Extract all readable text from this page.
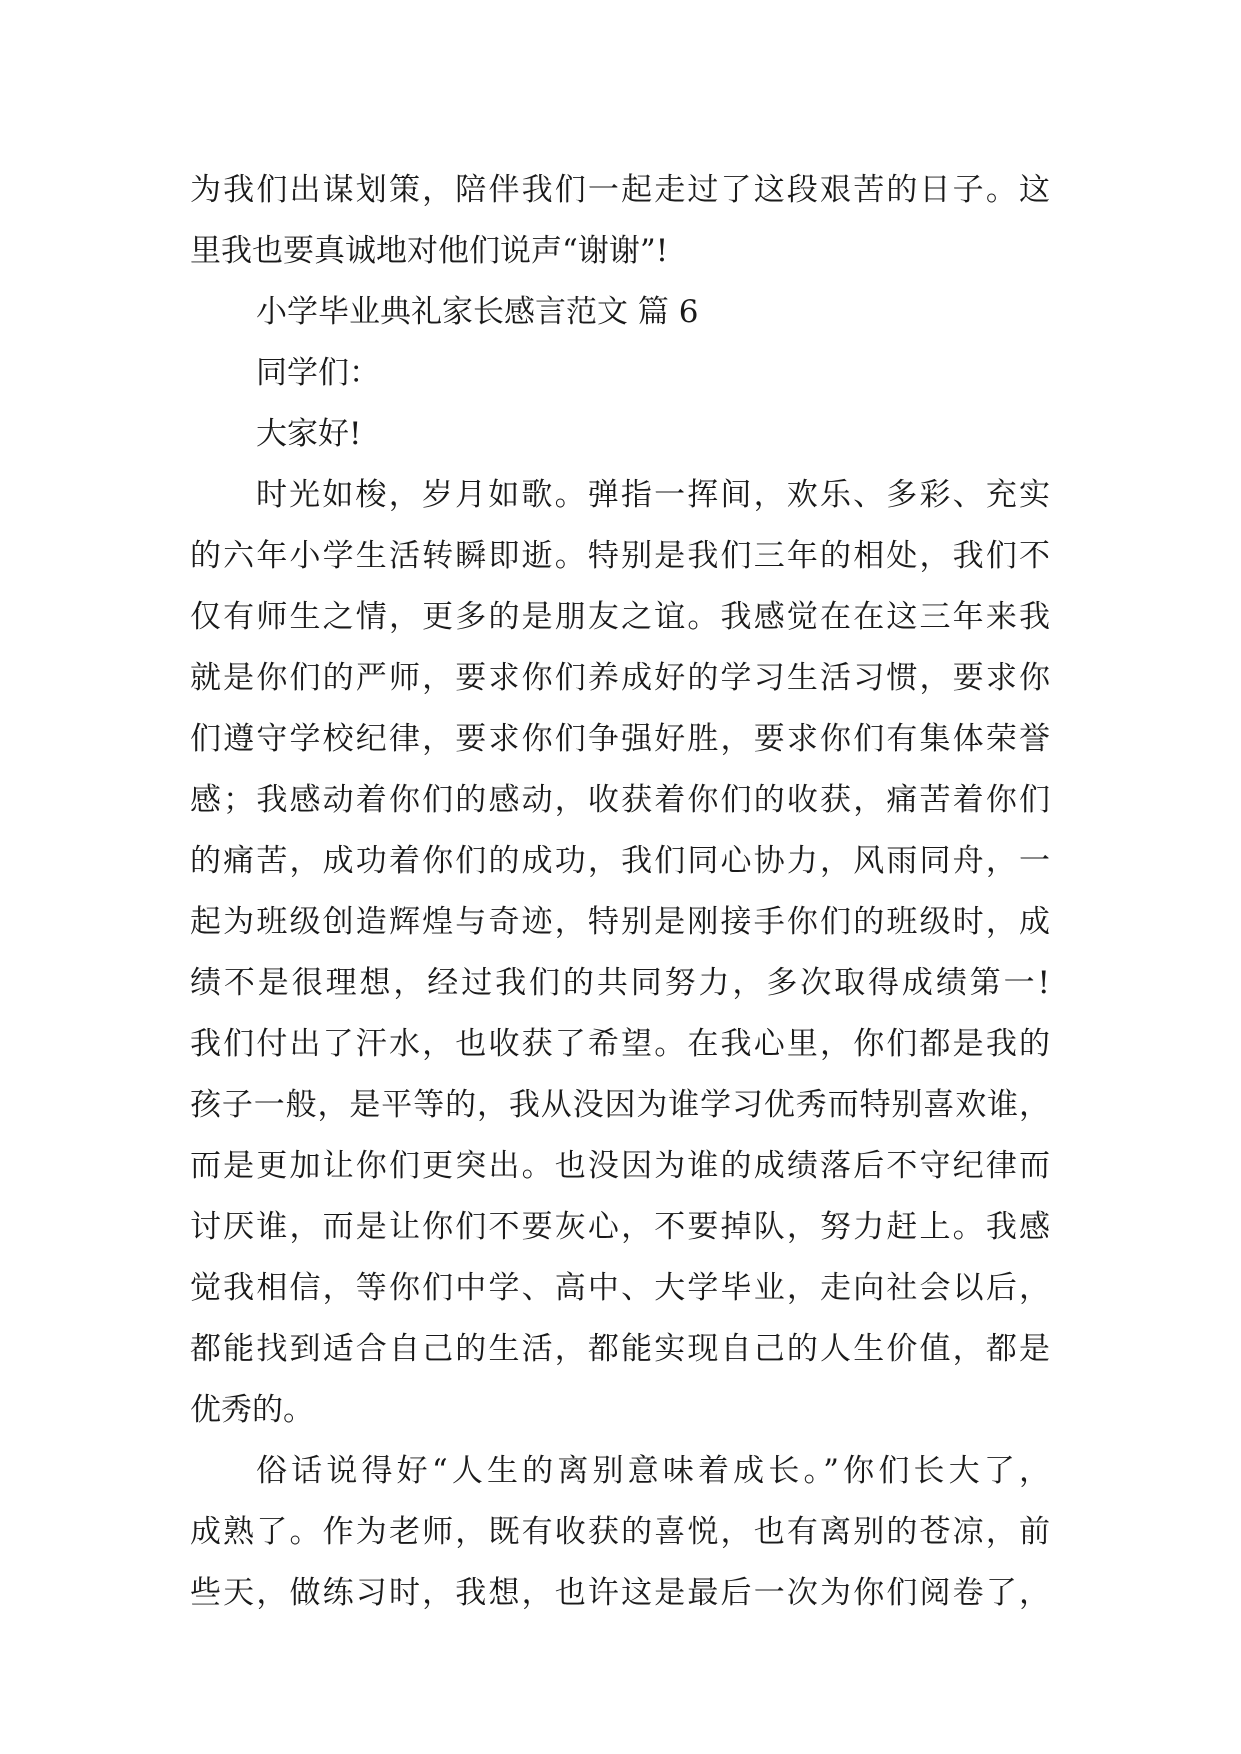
为我们出谋划策，陪伴我们一起走过了这段艰苦的日子。这
里我也要真诚地对他们说声“谢谢”!
小学毕业典礼家长感言范文 篇 6
同学们：
大家好!
时光如梭，岁月如歌。弹指一挥间，欢乐、多彩、充实
的六年小学生活转瞬即逝。特别是我们三年的相处，我们不
仅有师生之情，更多的是朋友之谊。我感觉在在这三年来我
就是你们的严师，要求你们养成好的学习生活习惯，要求你
们遵守学校纪律，要求你们争强好胜，要求你们有集体荣誉
感；我感动着你们的感动，收获着你们的收获，痛苦着你们
的痛苦，成功着你们的成功，我们同心协力，风雨同舟，一
起为班级创造辉煌与奇迹，特别是刚接手你们的班级时，成
绩不是很理想，经过我们的共同努力，多次取得成绩第一!
我们付出了汗水，也收获了希望。在我心里，你们都是我的
孩子一般，是平等的，我从没因为谁学习优秀而特别喜欢谁，
而是更加让你们更突出。也没因为谁的成绩落后不守纪律而
讨厌谁，而是让你们不要灰心，不要掉队，努力赶上。我感
觉我相信，等你们中学、高中、大学毕业，走向社会以后，
都能找到适合自己的生活，都能实现自己的人生价值，都是
优秀的。
俗话说得好“人生的离别意味着成长。”你们长大了，
成熟了。作为老师，既有收获的喜悦，也有离别的苍凉，前
些天，做练习时，我想，也许这是最后一次为你们阅卷了，
